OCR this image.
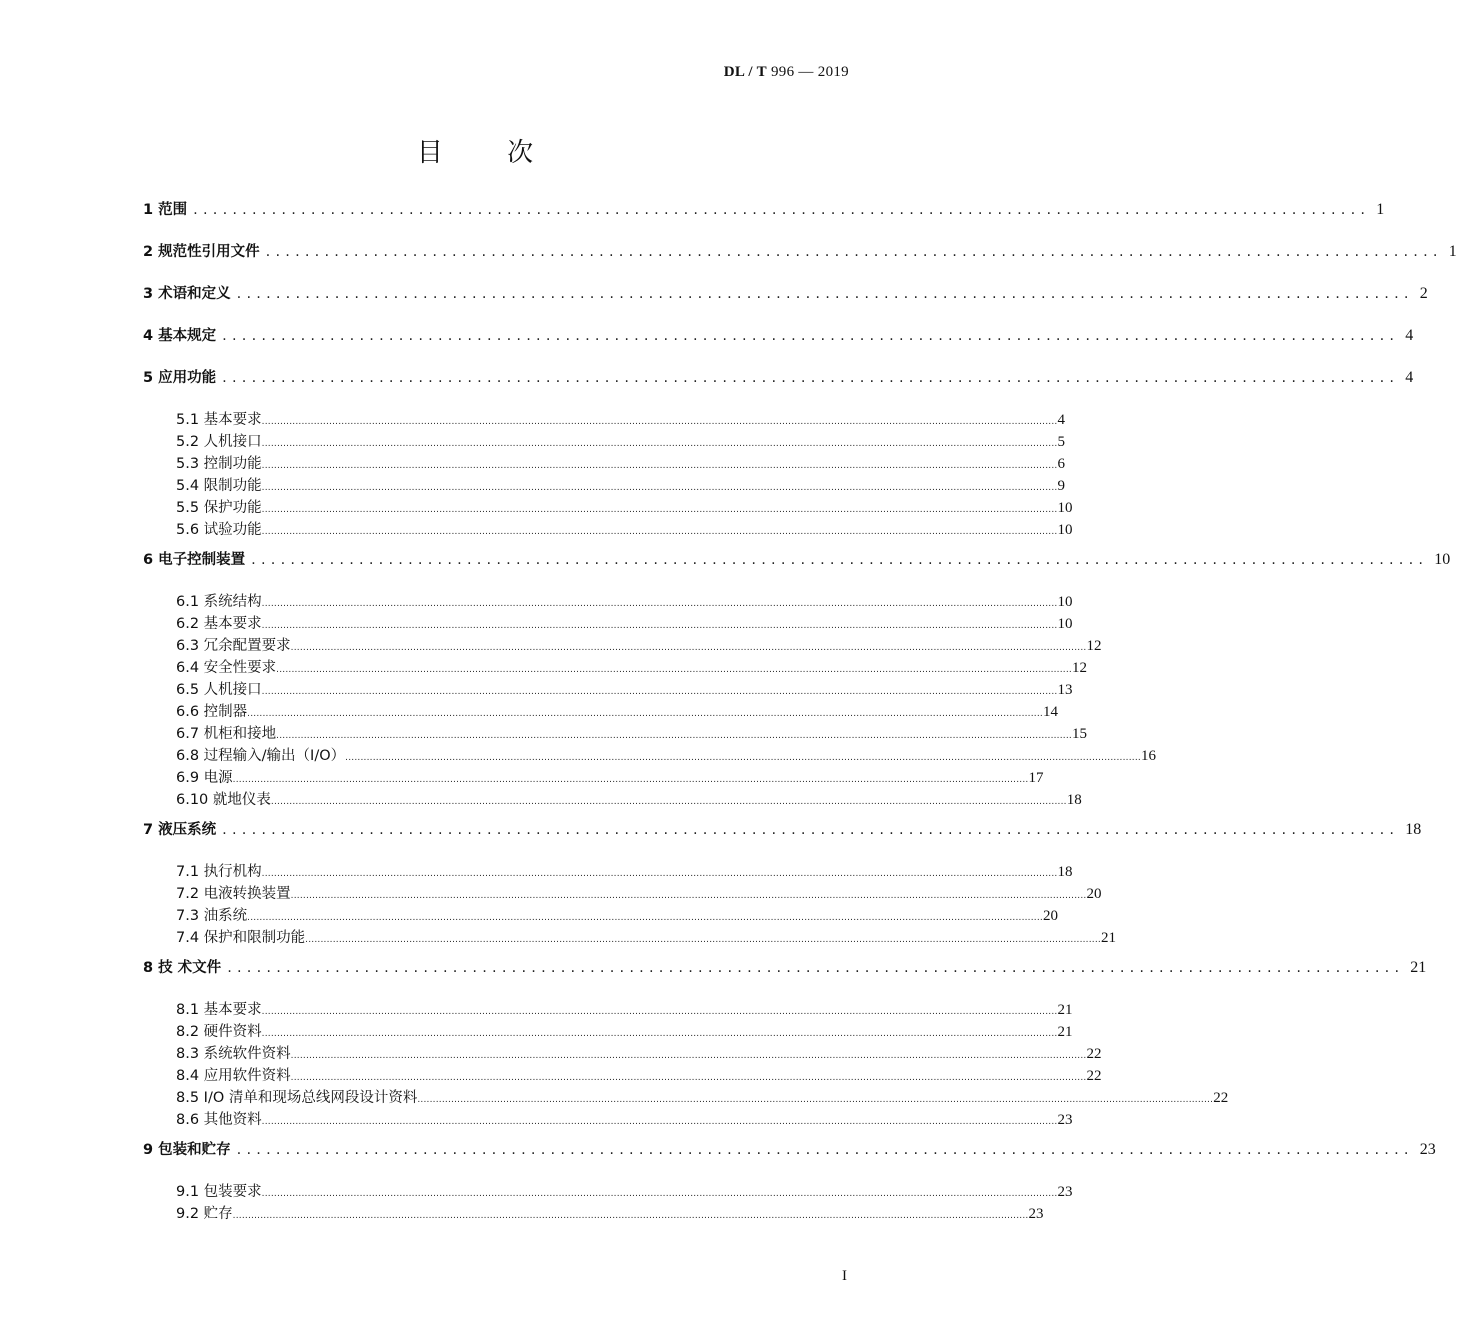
DL / T 996 — 2019
目 次
1 范围 ........................................................................................................................ 1
2 规范性引用文件 ........................................................................................................................ 1
3 术语和定义 ........................................................................................................................ 2
4 基本规定 ........................................................................................................................ 4
5 应用功能 ........................................................................................................................ 4
5.1 基本要求 .................................................................................................................................................................................................................................................................... 4
5.2 人机接口 .................................................................................................................................................................................................................................................................... 5
5.3 控制功能 .................................................................................................................................................................................................................................................................... 6
5.4 限制功能 .................................................................................................................................................................................................................................................................... 9
5.5 保护功能 .................................................................................................................................................................................................................................................................... 10
5.6 试验功能 .................................................................................................................................................................................................................................................................... 10
6 电子控制装置 ........................................................................................................................ 10
6.1 系统结构 .................................................................................................................................................................................................................................................................... 10
6.2 基本要求 .................................................................................................................................................................................................................................................................... 10
6.3 冗余配置要求 .................................................................................................................................................................................................................................................................... 12
6.4 安全性要求 .................................................................................................................................................................................................................................................................... 12
6.5 人机接口 .................................................................................................................................................................................................................................................................... 13
6.6 控制器 .................................................................................................................................................................................................................................................................... 14
6.7 机柜和接地 .................................................................................................................................................................................................................................................................... 15
6.8 过程输入/输出（I/O） .................................................................................................................................................................................................................................................................... 16
6.9 电源 .................................................................................................................................................................................................................................................................... 17
6.10 就地仪表 .................................................................................................................................................................................................................................................................... 18
7 液压系统 ........................................................................................................................ 18
7.1 执行机构 .................................................................................................................................................................................................................................................................... 18
7.2 电液转换装置 .................................................................................................................................................................................................................................................................... 20
7.3 油系统 .................................................................................................................................................................................................................................................................... 20
7.4 保护和限制功能 .................................................................................................................................................................................................................................................................... 21
8 技 术文件 ........................................................................................................................ 21
8.1 基本要求 .................................................................................................................................................................................................................................................................... 21
8.2 硬件资料 .................................................................................................................................................................................................................................................................... 21
8.3 系统软件资料 .................................................................................................................................................................................................................................................................... 22
8.4 应用软件资料 .................................................................................................................................................................................................................................................................... 22
8.5 I/O 清单和现场总线网段设计资料 .................................................................................................................................................................................................................................................................... 22
8.6 其他资料 .................................................................................................................................................................................................................................................................... 23
9 包装和贮存 ........................................................................................................................ 23
9.1 包装要求 .................................................................................................................................................................................................................................................................... 23
9.2 贮存 .................................................................................................................................................................................................................................................................... 23
I
